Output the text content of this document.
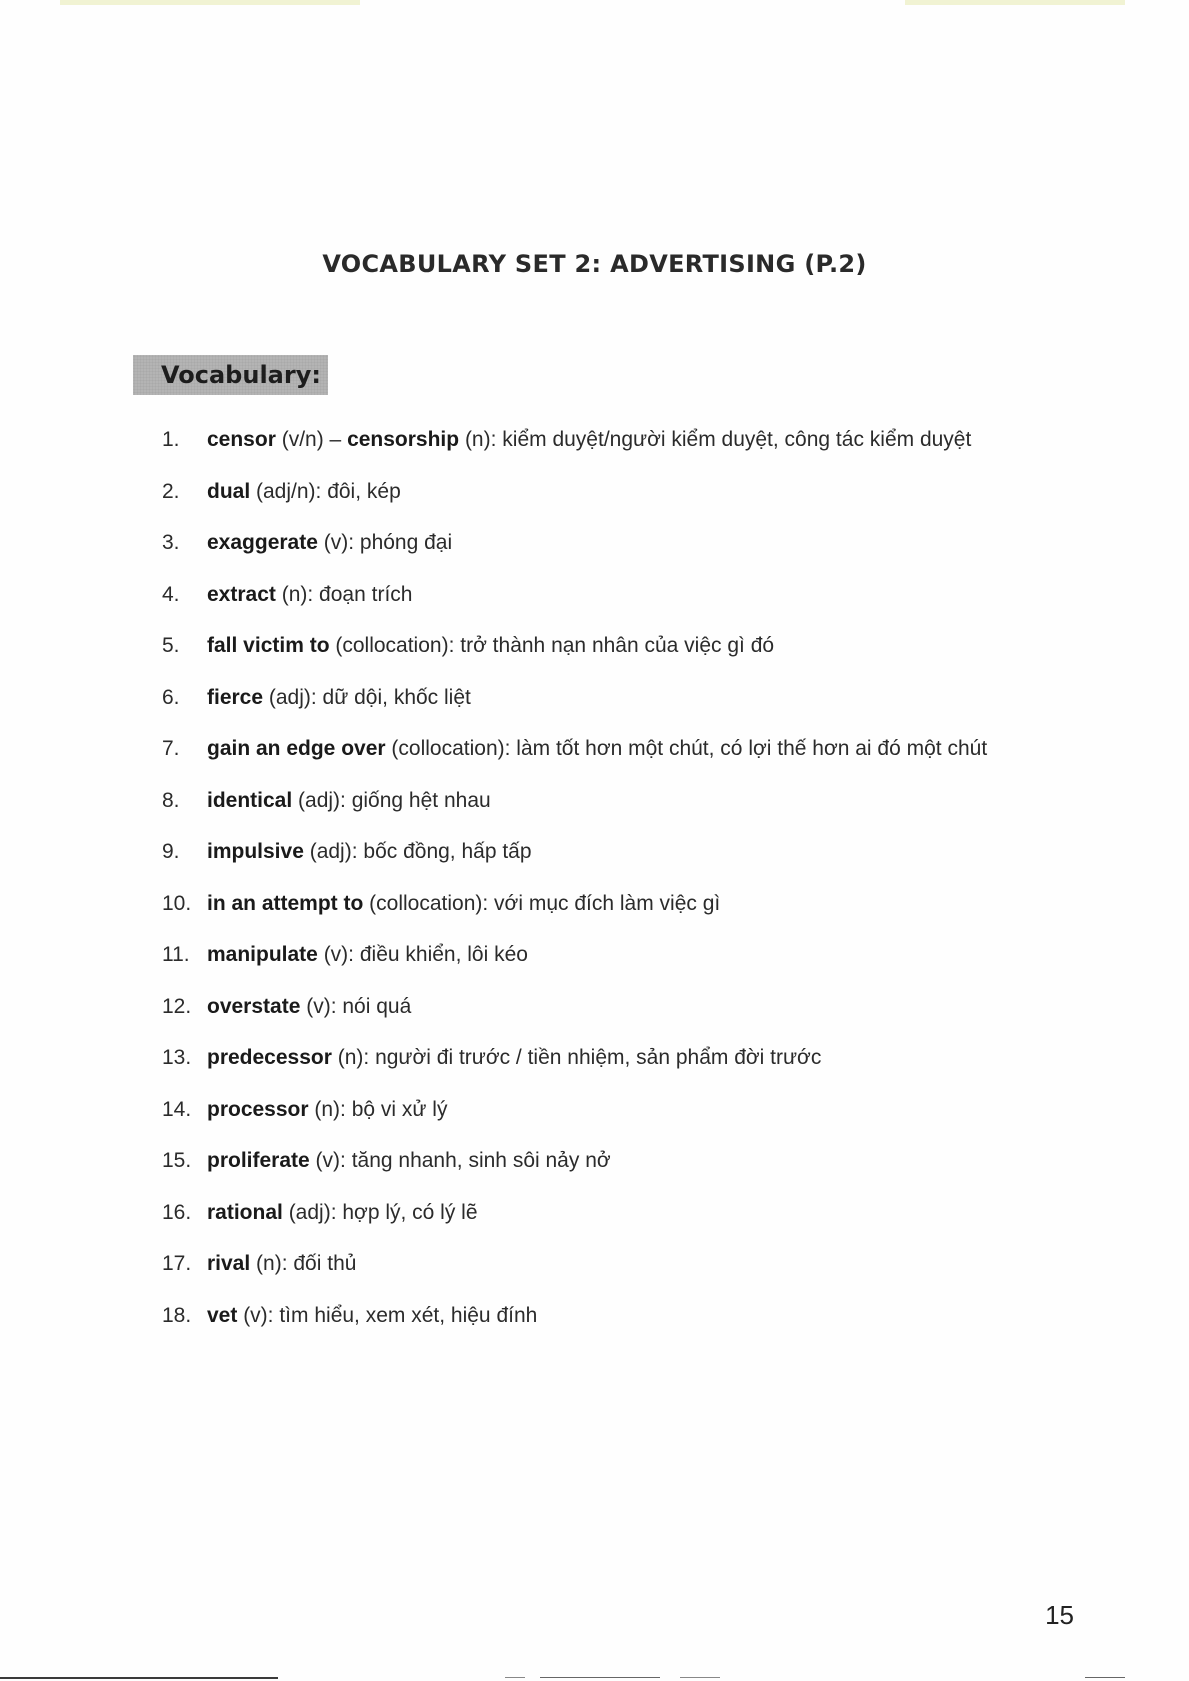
VOCABULARY SET 2: ADVERTISING (P.2)
Vocabulary:
1.	censor (v/n) – censorship (n): kiểm duyệt/người kiểm duyệt, công tác kiểm duyệt
2.	dual (adj/n): đôi, kép
3.	exaggerate (v): phóng đại
4.	extract (n): đoạn trích
5.	fall victim to (collocation): trở thành nạn nhân của việc gì đó
6.	fierce (adj): dữ dội, khốc liệt
7.	gain an edge over (collocation): làm tốt hơn một chút, có lợi thế hơn ai đó một chút
8.	identical (adj): giống hệt nhau
9.	impulsive (adj): bốc đồng, hấp tấp
10. in an attempt to (collocation): với mục đích làm việc gì
11. manipulate (v): điều khiển, lôi kéo
12. overstate (v): nói quá
13. predecessor (n): người đi trước / tiền nhiệm, sản phẩm đời trước
14. processor (n): bộ vi xử lý
15. proliferate (v): tăng nhanh, sinh sôi nảy nở
16. rational (adj): hợp lý, có lý lẽ
17. rival (n): đối thủ
18. vet (v): tìm hiểu, xem xét, hiệu đính
15
